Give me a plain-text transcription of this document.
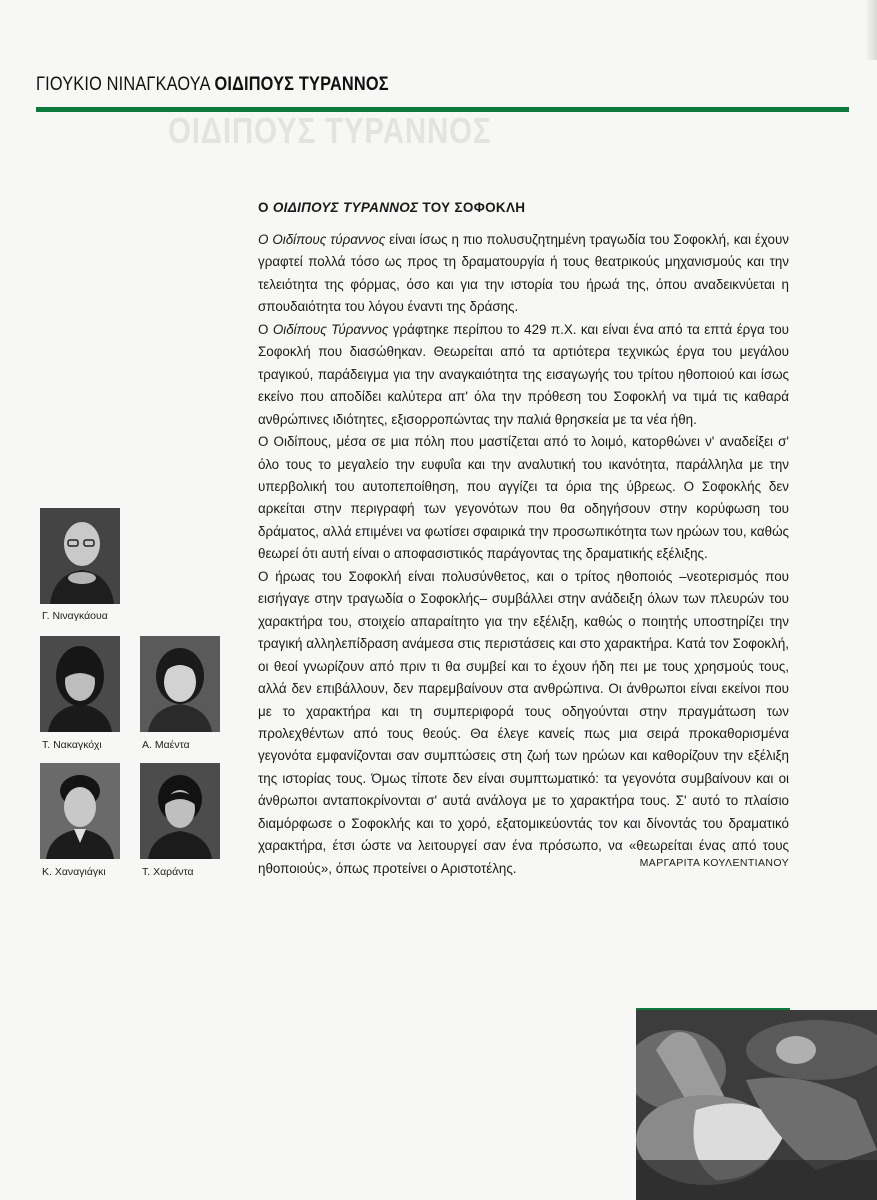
ΓΙΟΥΚΙΟ ΝΙΝΑΓΚΑΟΥΑ ΟΙΔΙΠΟΥΣ ΤΥΡΑΝΝΟΣ
ΟΙΔΙΠΟΥΣ ΤΥΡΑΝΝΟΣ
Ο ΟΙΔΙΠΟΥΣ ΤΥΡΑΝΝΟΣ ΤΟΥ ΣΟΦΟΚΛΗ

Ο Οιδίπους τύραννος είναι ίσως η πιο πολυσυζητημένη τραγωδία του Σοφοκλή, και έχουν γραφτεί πολλά τόσο ως προς τη δραματουργία ή τους θεατρικούς μηχανισμούς και την τελειότητα της φόρμας, όσο και για την ιστορία του ήρωά της, όπου αναδεικνύεται η σπουδαιότητα του λόγου έναντι της δράσης.

Ο Οιδίπους Τύραννος γράφτηκε περίπου το 429 π.Χ. και είναι ένα από τα επτά έργα του Σοφοκλή που διασώθηκαν. Θεωρείται από τα αρτιότερα τεχνικώς έργα του μεγάλου τραγικού, παράδειγμα για την αναγκαιότητα της εισαγωγής του τρίτου ηθοποιού και ίσως εκείνο που αποδίδει καλύτερα απ' όλα την πρόθεση του Σοφοκλή να τιμά τις καθαρά ανθρώπινες ιδιότητες, εξισορροπώντας την παλιά θρησκεία με τα νέα ήθη.

Ο Οιδίπους, μέσα σε μια πόλη που μαστίζεται από το λοιμό, κατορθώνει ν' αναδείξει σ' όλο τους το μεγαλείο την ευφυΐα και την αναλυτική του ικανότητα, παράλληλα με την υπερβολική του αυτοπεποίθηση, που αγγίζει τα όρια της ύβρεως. Ο Σοφοκλής δεν αρκείται στην περιγραφή των γεγονότων που θα οδηγήσουν στην κορύφωση του δράματος, αλλά επιμένει να φωτίσει σφαιρικά την προσωπικότητα των ηρώων του, καθώς θεωρεί ότι αυτή είναι ο αποφασιστικός παράγοντας της δραματικής εξέλιξης.

Ο ήρωας του Σοφοκλή είναι πολυσύνθετος, και ο τρίτος ηθοποιός –νεοτερισμός που εισήγαγε στην τραγωδία ο Σοφοκλής– συμβάλλει στην ανάδειξη όλων των πλευρών του χαρακτήρα του, στοιχείο απαραίτητο για την εξέλιξη, καθώς ο ποιητής υποστηρίζει την τραγική αλληλεπίδραση ανάμεσα στις περιστάσεις και στο χαρακτήρα. Κατά τον Σοφοκλή, οι θεοί γνωρίζουν από πριν τι θα συμβεί και το έχουν ήδη πει με τους χρησμούς τους, αλλά δεν επιβάλλουν, δεν παρεμβαίνουν στα ανθρώπινα. Οι άνθρωποι είναι εκείνοι που με το χαρακτήρα και τη συμπεριφορά τους οδηγούνται στην πραγμάτωση των προλεχθέντων από τους θεούς. Θα έλεγε κανείς πως μια σειρά προκαθορισμένα γεγονότα εμφανίζονται σαν συμπτώσεις στη ζωή των ηρώων και καθορίζουν την εξέλιξη της ιστορίας τους. Όμως τίποτε δεν είναι συμπτωματικό: τα γεγονότα συμβαίνουν και οι άνθρωποι ανταποκρίνονται σ' αυτά ανάλογα με το χαρακτήρα τους. Σ' αυτό το πλαίσιο διαμόρφωσε ο Σοφοκλής και το χορό, εξατομικεύοντάς τον και δίνοντάς του δραματικό χαρακτήρα, έτσι ώστε να λειτουργεί σαν ένα πρόσωπο, να «θεωρείται ένας από τους ηθοποιούς», όπως προτείνει ο Αριστοτέλης.	ΜΑΡΓΑΡΙΤΑ ΚΟΥΛΕΝΤΙΑΝΟΥ
Γ. Νιναγκάουα
Τ. Νακαγκόχι	Α. Μαέντα
Κ. Χαναγιάγκι	Τ. Χαράντα
